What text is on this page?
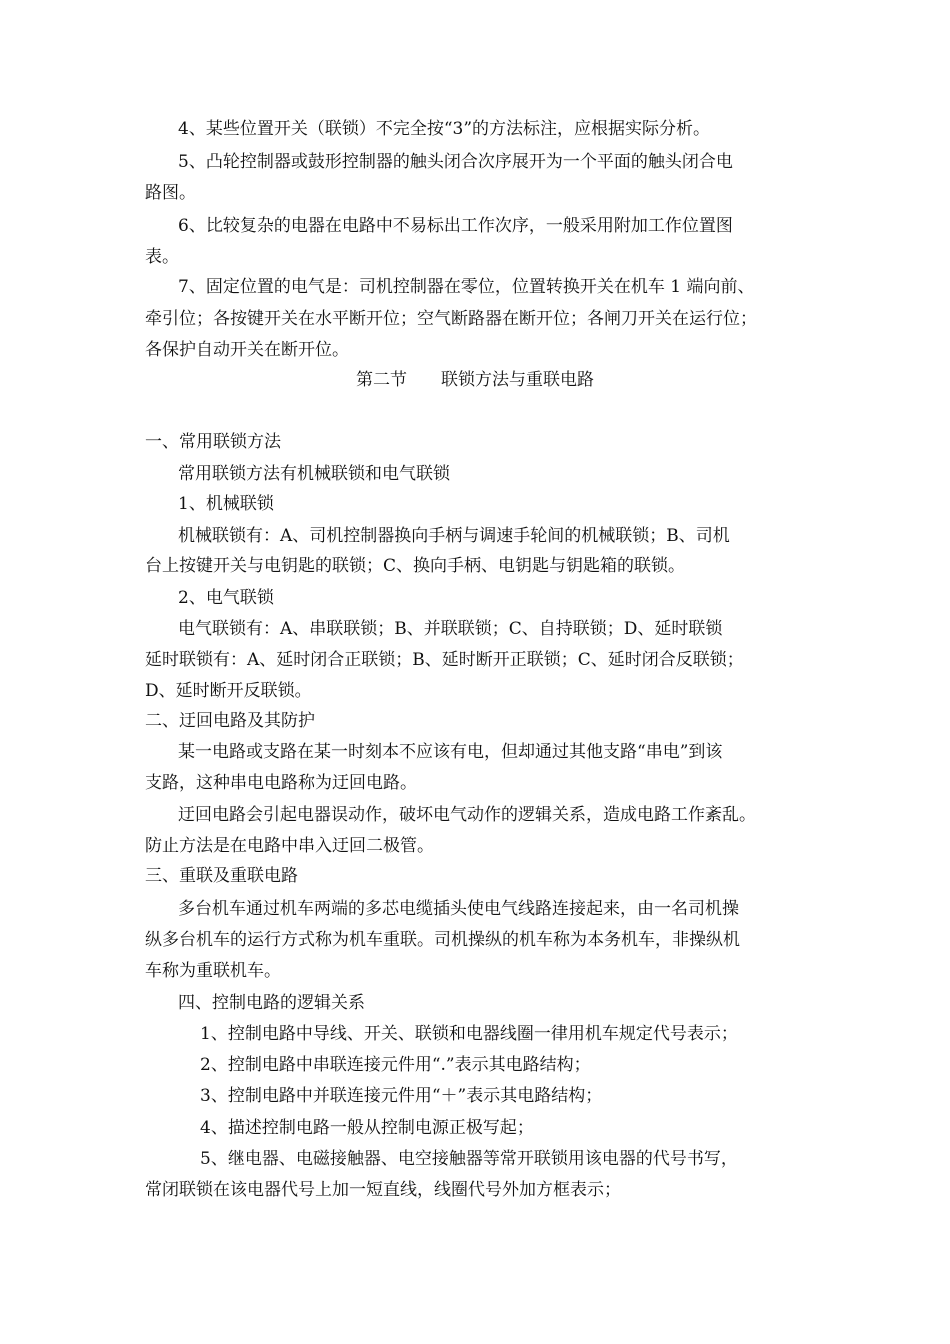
4、某些位置开关（联锁）不完全按“3”的方法标注，应根据实际分析。
5、凸轮控制器或鼓形控制器的触头闭合次序展开为一个平面的触头闭合电
路图。
6、比较复杂的电器在电路中不易标出工作次序，一般采用附加工作位置图
表。
7、固定位置的电气是：司机控制器在零位，位置转换开关在机车 1 端向前、
牵引位；各按键开关在水平断开位；空气断路器在断开位；各闸刀开关在运行位；
各保护自动开关在断开位。
第二节 联锁方法与重联电路
一、常用联锁方法
常用联锁方法有机械联锁和电气联锁
1、机械联锁
机械联锁有：A、司机控制器换向手柄与调速手轮间的机械联锁；B、司机
台上按键开关与电钥匙的联锁；C、换向手柄、电钥匙与钥匙箱的联锁。
2、电气联锁
电气联锁有：A、串联联锁；B、并联联锁；C、自持联锁；D、延时联锁
延时联锁有：A、延时闭合正联锁；B、延时断开正联锁；C、延时闭合反联锁；
D、延时断开反联锁。
二、迂回电路及其防护
某一电路或支路在某一时刻本不应该有电，但却通过其他支路“串电”到该
支路，这种串电电路称为迂回电路。
迂回电路会引起电器误动作，破坏电气动作的逻辑关系，造成电路工作紊乱。
防止方法是在电路中串入迂回二极管。
三、重联及重联电路
多台机车通过机车两端的多芯电缆插头使电气线路连接起来，由一名司机操
纵多台机车的运行方式称为机车重联。司机操纵的机车称为本务机车，非操纵机
车称为重联机车。
四、控制电路的逻辑关系
1、控制电路中导线、开关、联锁和电器线圈一律用机车规定代号表示；
2、控制电路中串联连接元件用“.”表示其电路结构；
3、控制电路中并联连接元件用“＋”表示其电路结构；
4、描述控制电路一般从控制电源正极写起；
5、继电器、电磁接触器、电空接触器等常开联锁用该电器的代号书写，
常闭联锁在该电器代号上加一短直线，线圈代号外加方框表示；
